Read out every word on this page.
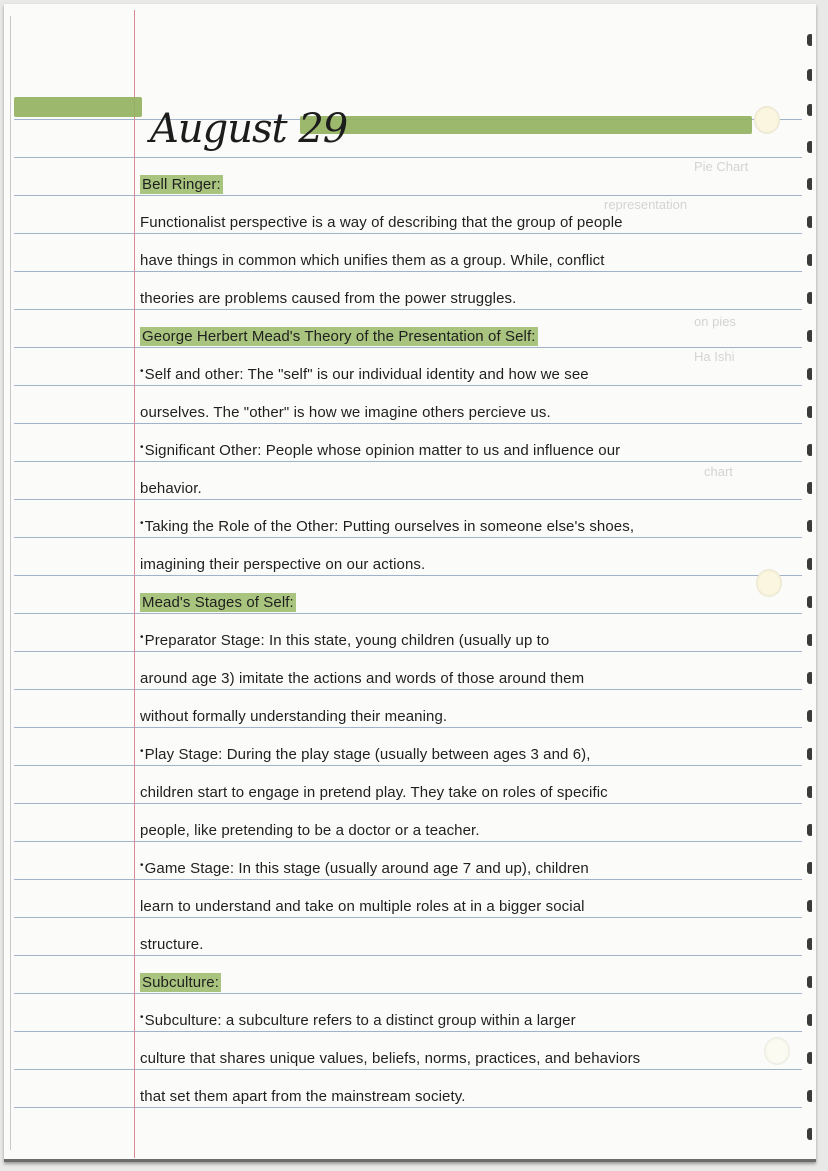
Pie Chart
representation
on pies
Ha Ishi
chart
August 29
Bell Ringer:
Functionalist perspective is a way of describing that the group of people
have things in common which unifies them as a group. While, conflict
theories are problems caused from the power struggles.
George Herbert Mead's Theory of the Presentation of Self:
• Self and other: The "self" is our individual identity and how we see
ourselves. The "other" is how we imagine others percieve us.
• Significant Other: People whose opinion matter to us and influence our
behavior.
• Taking the Role of the Other: Putting ourselves in someone else's shoes,
imagining their perspective on our actions.
Mead's Stages of Self:
• Preparator Stage: In this state, young children (usually up to
around age 3) imitate the actions and words of those around them
without formally understanding their meaning.
• Play Stage: During the play stage (usually between ages 3 and 6),
children start to engage in pretend play. They take on roles of specific
people, like pretending to be a doctor or a teacher.
• Game Stage: In this stage (usually around age 7 and up), children
learn to understand and take on multiple roles at in a bigger social
structure.
Subculture:
• Subculture: a subculture refers to a distinct group within a larger
culture that shares unique values, beliefs, norms, practices, and behaviors
that set them apart from the mainstream society.
